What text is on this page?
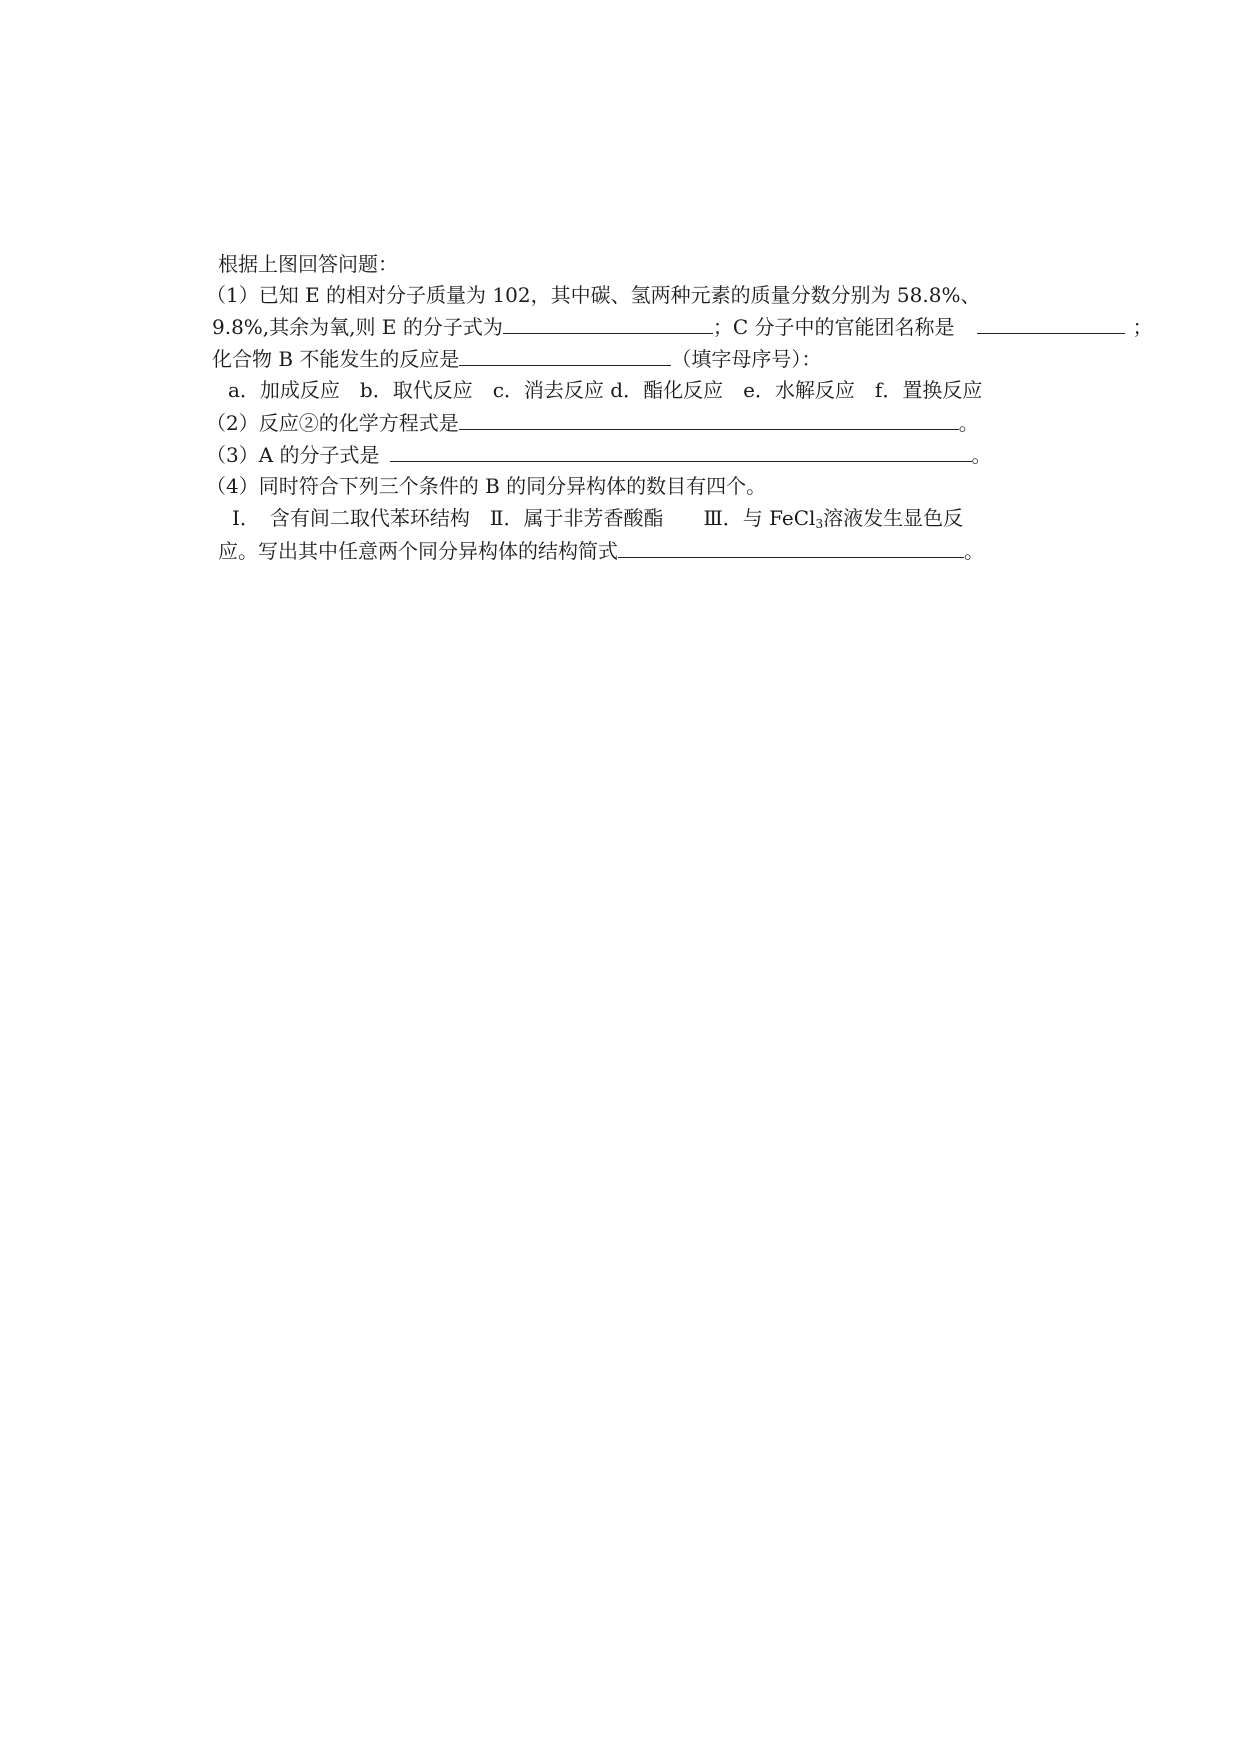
根据上图回答问题：
（1）已知 E 的相对分子质量为 102，其中碳、氢两种元素的质量分数分别为 58.8%、
9.8%,其余为氧,则 E 的分子式为	；C 分子中的官能团名称是	；
化合物 B 不能发生的反应是	（填字母序号）：
a．加成反应　b．取代反应　c．消去反应 d．酯化反应　e．水解反应　f．置换反应
（2）反应②的化学方程式是	。
（3）A 的分子式是	。
（4）同时符合下列三个条件的 B 的同分异构体的数目有四个。
Ⅰ．　含有间二取代苯环结构　Ⅱ．属于非芳香酸酯　　Ⅲ．与 FeCl$_3$溶液发生显色反
应。写出其中任意两个同分异构体的结构简式	。
